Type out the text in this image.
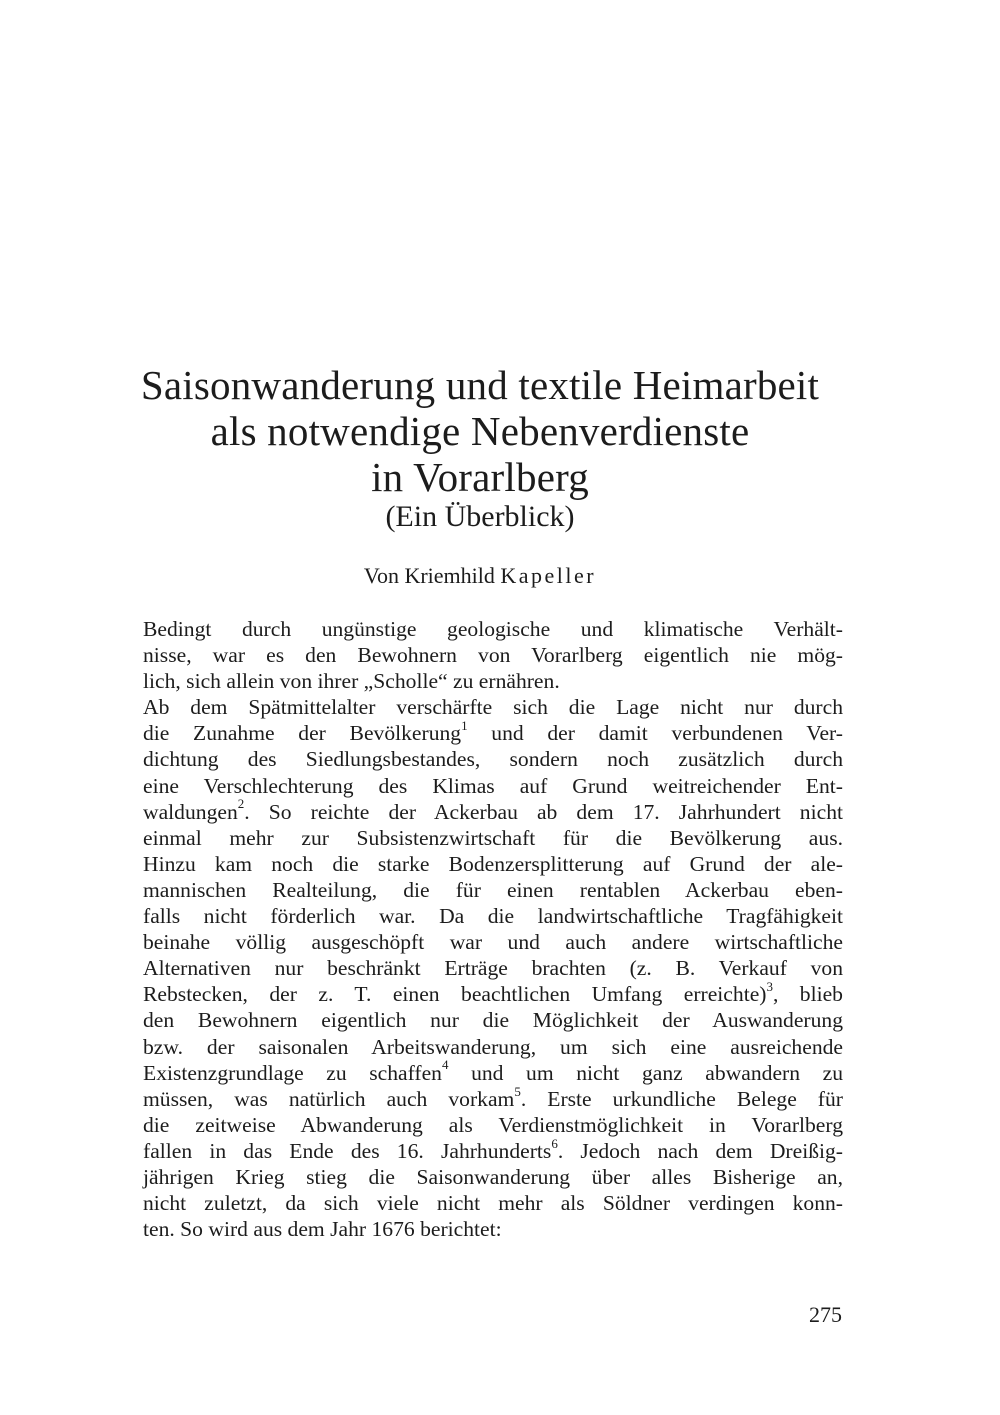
Saisonwanderung und textile Heimarbeit
als notwendige Nebenverdienste
in Vorarlberg
(Ein Überblick)
Von Kriemhild Kapeller

Bedingt durch ungünstige geologische und klimatische Verhält-
nisse, war es den Bewohnern von Vorarlberg eigentlich nie mög-
lich, sich allein von ihrer „Scholle“ zu ernähren.

Ab dem Spätmittelalter verschärfte sich die Lage nicht nur durch
die Zunahme der Bevölkerung$^1$ und der damit verbundenen Ver-
dichtung des Siedlungsbestandes, sondern noch zusätzlich durch
eine Verschlechterung des Klimas auf Grund weitreichender Ent-
waldungen$^2$. So reichte der Ackerbau ab dem 17. Jahrhundert nicht
einmal mehr zur Subsistenzwirtschaft für die Bevölkerung aus.
Hinzu kam noch die starke Bodenzersplitterung auf Grund der ale-
mannischen Realteilung, die für einen rentablen Ackerbau eben-
falls nicht förderlich war. Da die landwirtschaftliche Tragfähigkeit
beinahe völlig ausgeschöpft war und auch andere wirtschaftliche
Alternativen nur beschränkt Erträge brachten (z. B. Verkauf von
Rebstecken, der z. T. einen beachtlichen Umfang erreichte)$^3$, blieb
den Bewohnern eigentlich nur die Möglichkeit der Auswanderung
bzw. der saisonalen Arbeitswanderung, um sich eine ausreichende
Existenzgrundlage zu schaffen$^4$ und um nicht ganz abwandern zu
müssen, was natürlich auch vorkam$^5$. Erste urkundliche Belege für
die zeitweise Abwanderung als Verdienstmöglichkeit in Vorarlberg
fallen in das Ende des 16. Jahrhunderts$^6$. Jedoch nach dem Dreißig-
jährigen Krieg stieg die Saisonwanderung über alles Bisherige an,
nicht zuletzt, da sich viele nicht mehr als Söldner verdingen konn-
ten. So wird aus dem Jahr 1676 berichtet:

275
